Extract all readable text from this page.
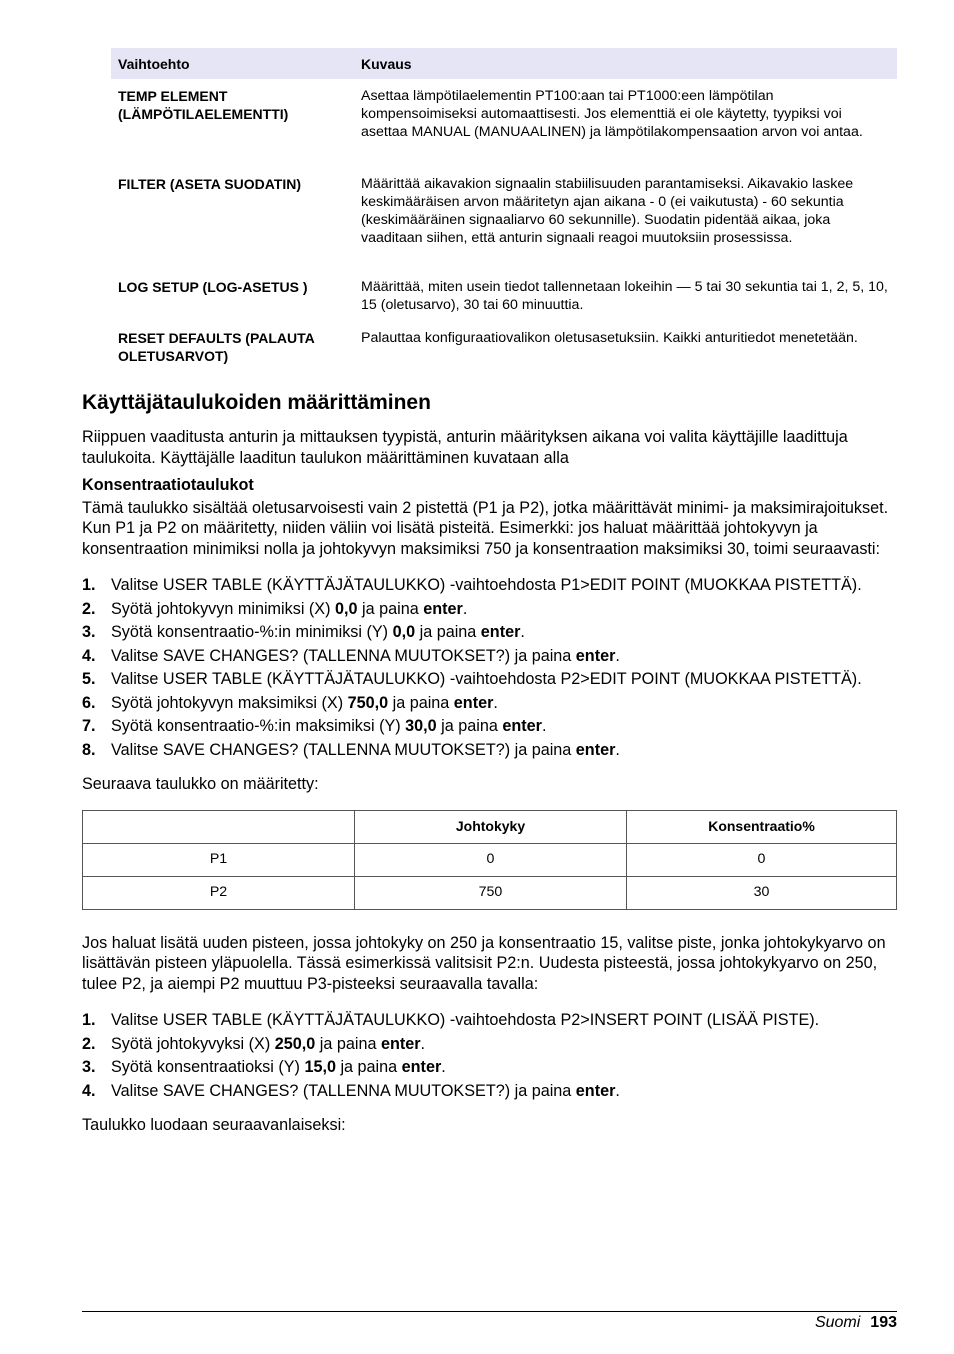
Vaihtoehto	Kuvaus
TEMP ELEMENT (LÄMPÖTILAELEMENTTI)	Asettaa lämpötilaelementin PT100:aan tai PT1000:een lämpötilan kompensoimiseksi automaattisesti. Jos elementtiä ei ole käytetty, tyypiksi voi asettaa MANUAL (MANUAALINEN) ja lämpötilakompensaation arvon voi antaa.
FILTER (ASETA SUODATIN)	Määrittää aikavakion signaalin stabiilisuuden parantamiseksi. Aikavakio laskee keskimääräisen arvon määritetyn ajan aikana - 0 (ei vaikutusta) - 60 sekuntia (keskimääräinen signaaliarvo 60 sekunnille). Suodatin pidentää aikaa, joka vaaditaan siihen, että anturin signaali reagoi muutoksiin prosessissa.
LOG SETUP (LOG-ASETUS )	Määrittää, miten usein tiedot tallennetaan lokeihin — 5 tai 30 sekuntia tai 1, 2, 5, 10, 15 (oletusarvo), 30 tai 60 minuuttia.
RESET DEFAULTS (PALAUTA OLETUSARVOT)	Palauttaa konfiguraatiovalikon oletusasetuksiin. Kaikki anturitiedot menetetään.
Käyttäjätaulukoiden määrittäminen

Riippuen vaaditusta anturin ja mittauksen tyypistä, anturin määrityksen aikana voi valita käyttäjille laadittuja taulukoita. Käyttäjälle laaditun taulukon määrittäminen kuvataan alla

Konsentraatiotaulukot

Tämä taulukko sisältää oletusarvoisesti vain 2 pistettä (P1 ja P2), jotka määrittävät minimi- ja maksimirajoitukset. Kun P1 ja P2 on määritetty, niiden väliin voi lisätä pisteitä. Esimerkki: jos haluat määrittää johtokyvyn ja konsentraation minimiksi nolla ja johtokyvyn maksimiksi 750 ja konsentraation maksimiksi 30, toimi seuraavasti:

1. Valitse USER TABLE (KÄYTTÄJÄTAULUKKO) -vaihtoehdosta P1>EDIT POINT (MUOKKAA PISTETTÄ).
2. Syötä johtokyvyn minimiksi (X) 0,0 ja paina enter.
3. Syötä konsentraatio-%:in minimiksi (Y) 0,0 ja paina enter.
4. Valitse SAVE CHANGES? (TALLENNA MUUTOKSET?) ja paina enter.
5. Valitse USER TABLE (KÄYTTÄJÄTAULUKKO) -vaihtoehdosta P2>EDIT POINT (MUOKKAA PISTETTÄ).
6. Syötä johtokyvyn maksimiksi (X) 750,0 ja paina enter.
7. Syötä konsentraatio-%:in maksimiksi (Y) 30,0 ja paina enter.
8. Valitse SAVE CHANGES? (TALLENNA MUUTOKSET?) ja paina enter.

Seuraava taulukko on määritetty:

	Johtokyky	Konsentraatio%
P1	0	0
P2	750	30

Jos haluat lisätä uuden pisteen, jossa johtokyky on 250 ja konsentraatio 15, valitse piste, jonka johtokykyarvo on lisättävän pisteen yläpuolella. Tässä esimerkissä valitsisit P2:n. Uudesta pisteestä, jossa johtokykyarvo on 250, tulee P2, ja aiempi P2 muuttuu P3-pisteeksi seuraavalla tavalla:

1. Valitse USER TABLE (KÄYTTÄJÄTAULUKKO) -vaihtoehdosta P2>INSERT POINT (LISÄÄ PISTE).
2. Syötä johtokyvyksi (X) 250,0 ja paina enter.
3. Syötä konsentraatioksi (Y) 15,0 ja paina enter.
4. Valitse SAVE CHANGES? (TALLENNA MUUTOKSET?) ja paina enter.

Taulukko luodaan seuraavanlaiseksi:

Suomi 193
